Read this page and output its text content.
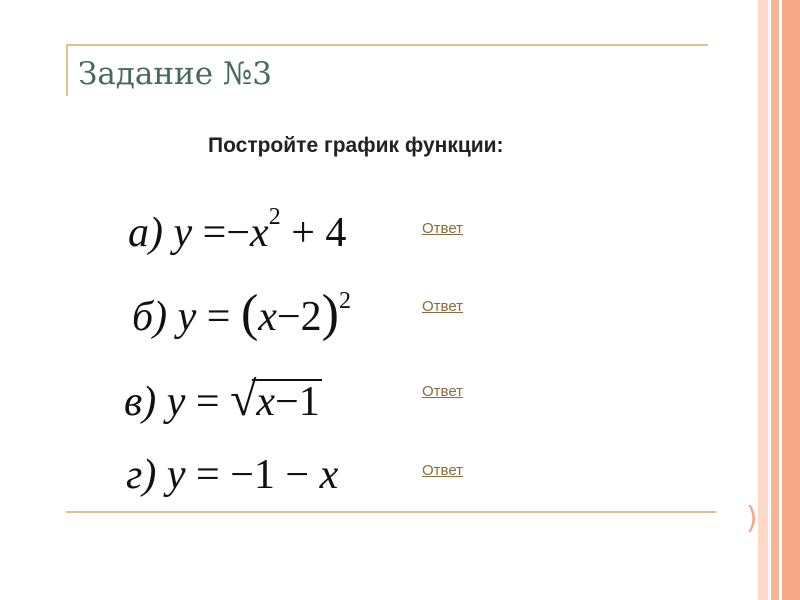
)
Задание №3
Постройте график функции:
а) $y =-x^2 + 4$	Ответ
б) $y = (x-2)^2$	Ответ
в) y = √x−1	Ответ
г) y = −1 − x	Ответ
